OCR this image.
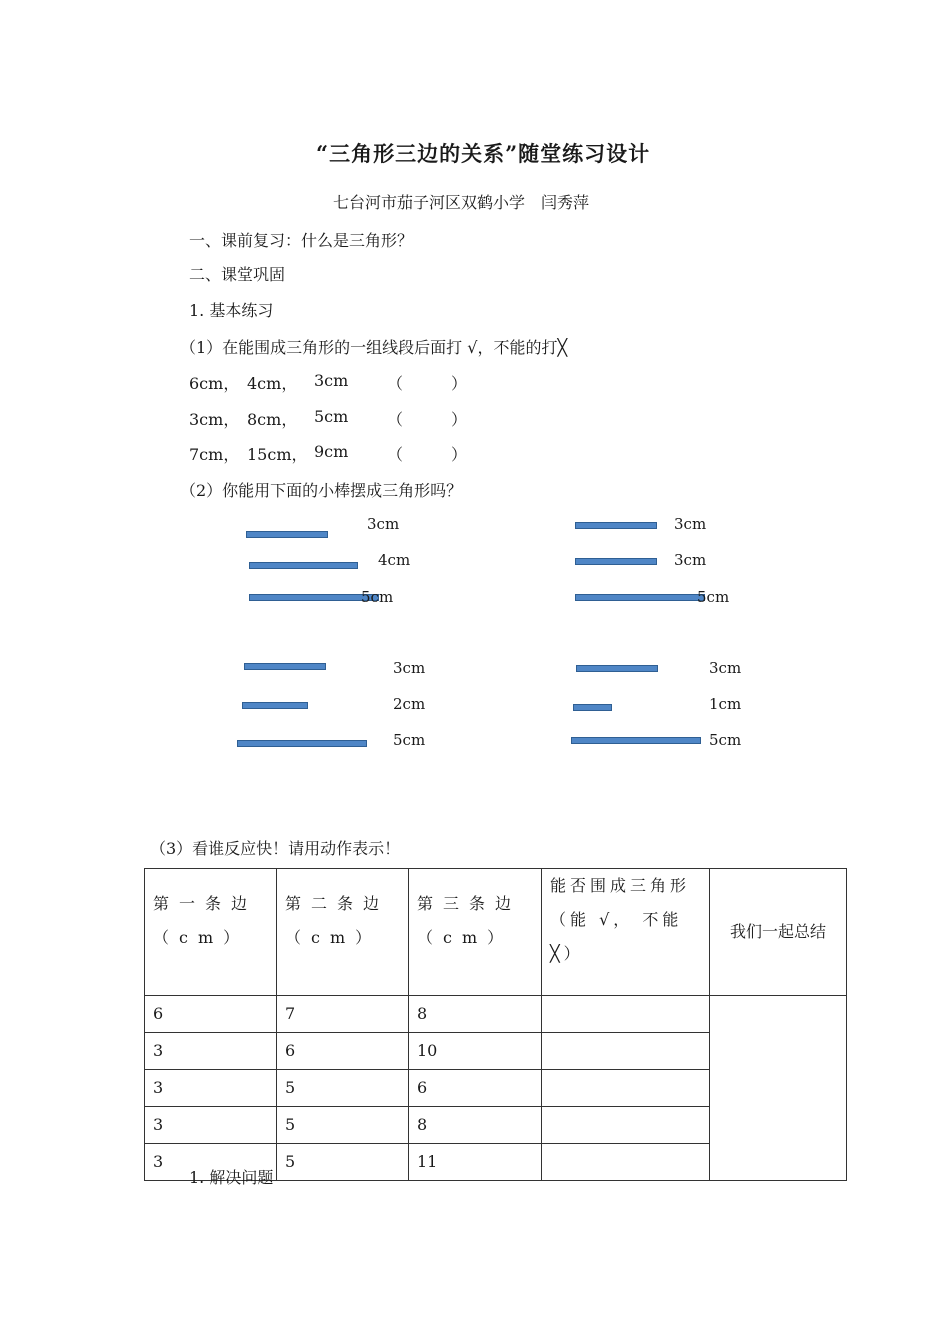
“三角形三边的关系”随堂练习设计
七台河市茄子河区双鹤小学　闫秀萍
一、课前复习：什么是三角形？
二、课堂巩固
1. 基本练习
（1）在能围成三角形的一组线段后面打 √，不能的打╳
6cm， 4cm， 3cm （　　　）
3cm， 8cm， 5cm （　　　）
7cm， 15cm， 9cm （　　　）
（2）你能用下面的小棒摆成三角形吗？
3cm
4cm
5cm
3cm
3cm
5cm
3cm
2cm
5cm
3cm
1cm
5cm
（3）看谁反应快！请用动作表示！
第一条边（cm）	第二条边（cm）	第三条边（cm）	能否围成三角形（能 √， 不能╳）	我们一起总结
6	7	8		
3	6	10		
3	5	6		
3	5	8		
3	5	11		
1. 解决问题
